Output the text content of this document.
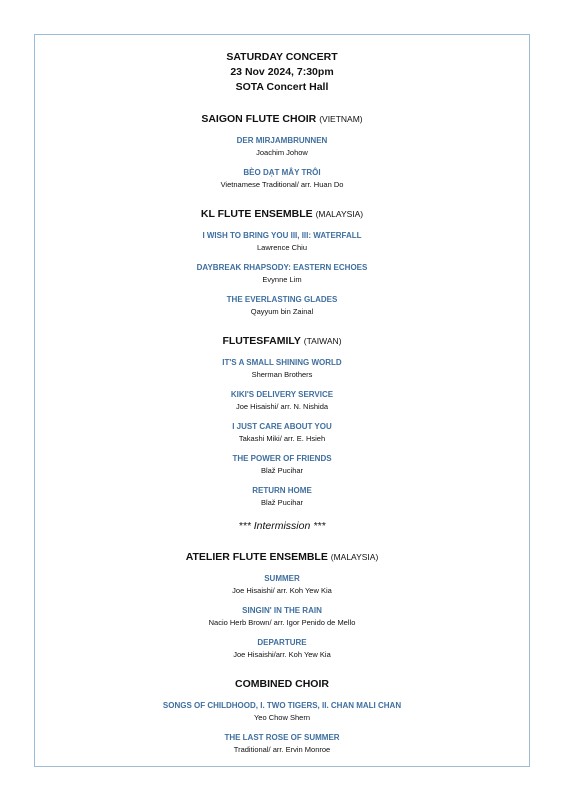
SATURDAY CONCERT
23 Nov 2024, 7:30pm
SOTA Concert Hall
SAIGON FLUTE CHOIR (VIETNAM)
DER MIRJAMBRUNNEN
Joachim Johow
BÈO DẠT MÂY TRÔI
Vietnamese Traditional/ arr. Huan Do
KL FLUTE ENSEMBLE (MALAYSIA)
I WISH TO BRING YOU III, III: WATERFALL
Lawrence Chiu
DAYBREAK RHAPSODY: EASTERN ECHOES
Evynne Lim
THE EVERLASTING GLADES
Qayyum bin Zainal
FLUTESFAMILY (TAIWAN)
IT'S A SMALL SHINING WORLD
Sherman Brothers
KIKI'S DELIVERY SERVICE
Joe Hisaishi/ arr. N. Nishida
I JUST CARE ABOUT YOU
Takashi Miki/ arr. E. Hsieh
THE POWER OF FRIENDS
Blaž Pucihar
RETURN HOME
Blaž Pucihar
*** Intermission ***
ATELIER FLUTE ENSEMBLE (MALAYSIA)
SUMMER
Joe Hisaishi/ arr. Koh Yew Kia
SINGIN' IN THE RAIN
Nacio Herb Brown/ arr. Igor Penido de Mello
DEPARTURE
Joe Hisaishi/arr. Koh Yew Kia
COMBINED CHOIR
SONGS OF CHILDHOOD, I. TWO TIGERS, II. CHAN MALI CHAN
Yeo Chow Shern
THE LAST ROSE OF SUMMER
Traditional/ arr. Ervin Monroe
